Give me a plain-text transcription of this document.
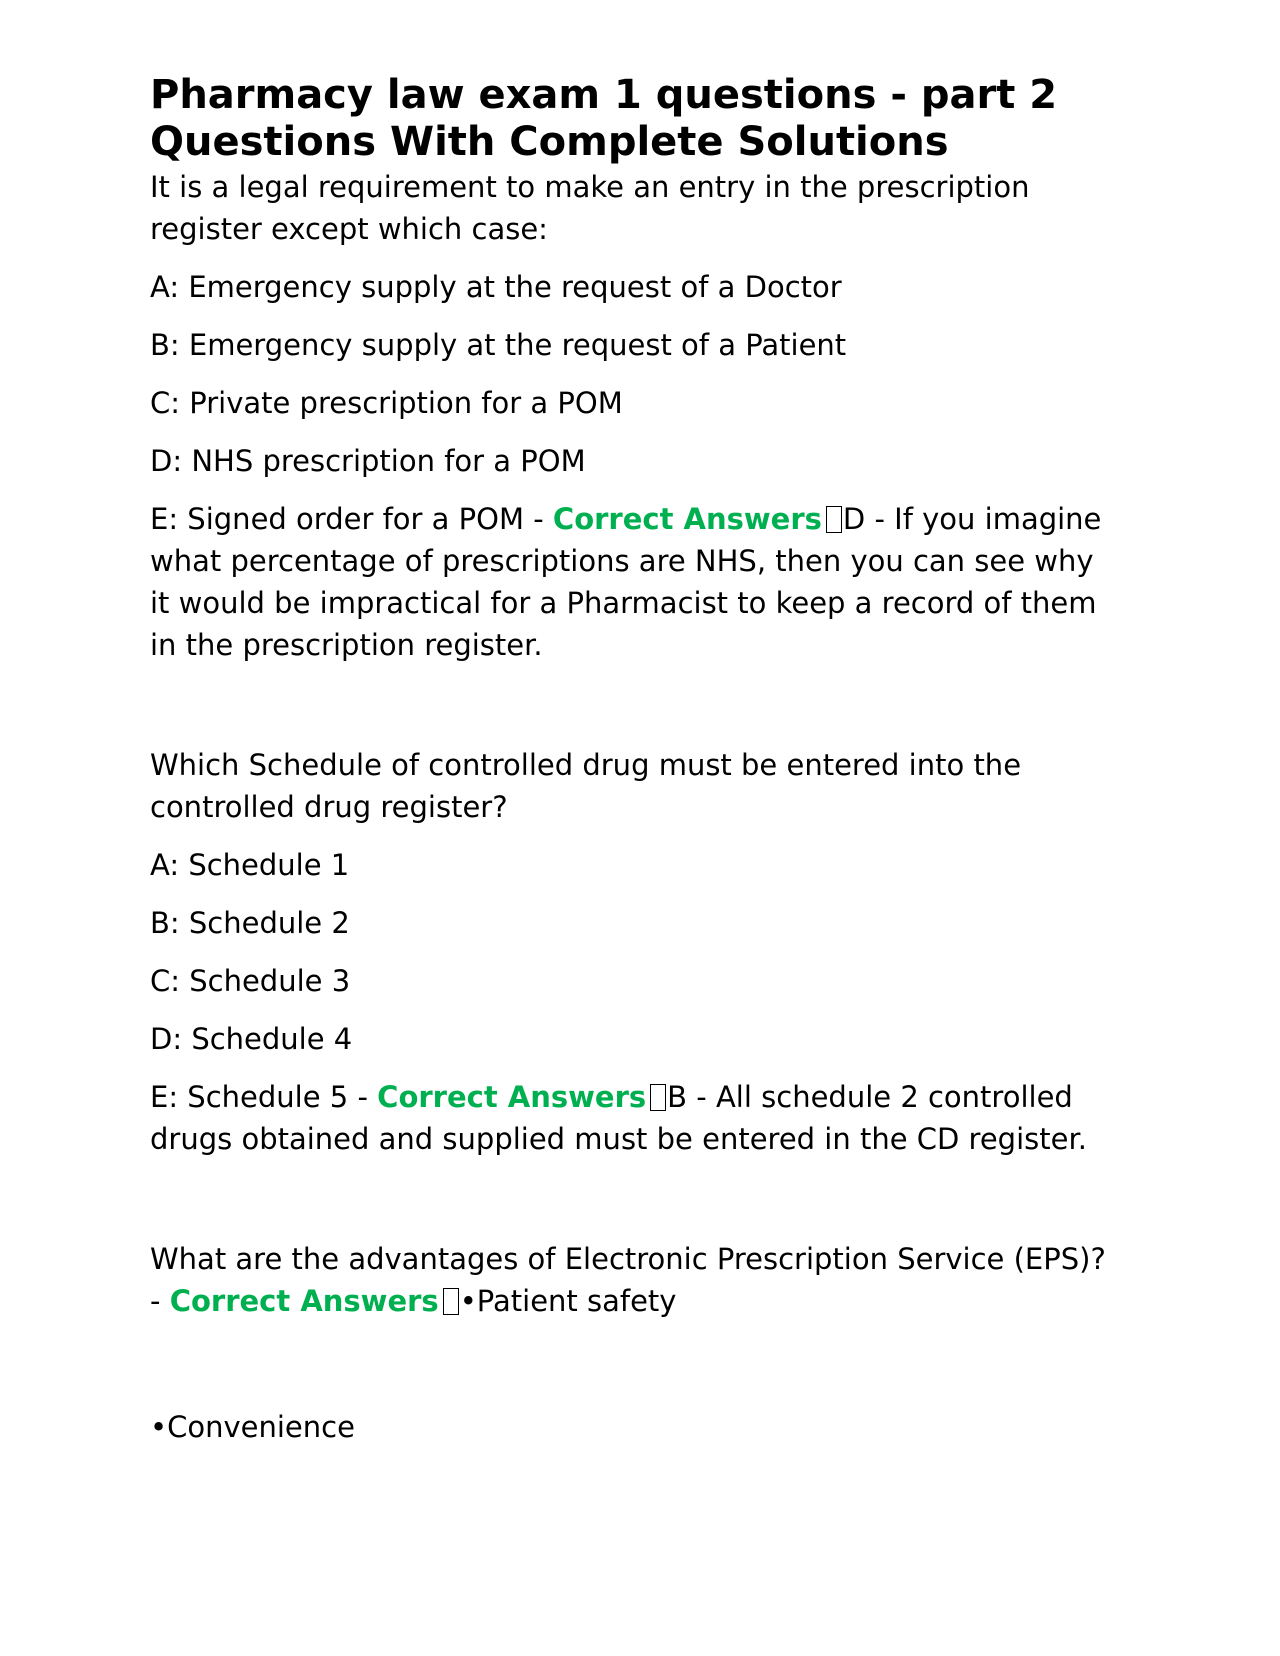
Pharmacy law exam 1 questions - part 2 Questions With Complete Solutions

It is a legal requirement to make an entry in the prescription register except which case:

A: Emergency supply at the request of a Doctor

B: Emergency supply at the request of a Patient

C: Private prescription for a POM

D: NHS prescription for a POM

E: Signed order for a POM - Correct Answers D - If you imagine what percentage of prescriptions are NHS, then you can see why it would be impractical for a Pharmacist to keep a record of them in the prescription register.

Which Schedule of controlled drug must be entered into the controlled drug register?

A: Schedule 1

B: Schedule 2

C: Schedule 3

D: Schedule 4

E: Schedule 5 - Correct Answers B - All schedule 2 controlled drugs obtained and supplied must be entered in the CD register.

What are the advantages of Electronic Prescription Service (EPS)? - Correct Answers •Patient safety

•Convenience
